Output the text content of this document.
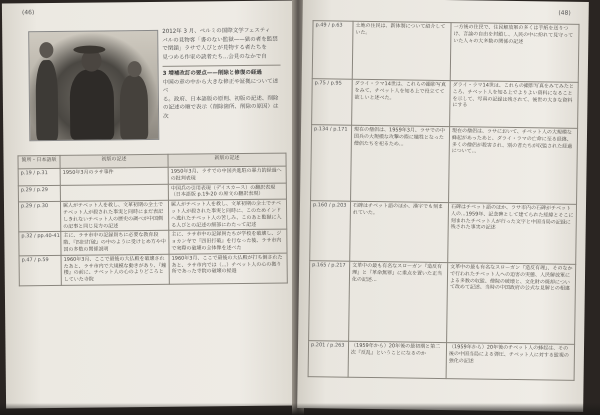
(46)
2012年 3 月、ペルミの国際文学フェスティ
バルの見物客「書のない監獄——獄の者を監禁
で閉鎖」ラサで人びとが見物する者たちを
見つめる作家の読者たち...会見のなかで自
3 増補改訂の要点——削除と修復の経過
中国の章の中から大きな修正や証拠について述べ
る。政府、日本語版の原則、初版の記述、削除
の記述の順で表示（削除箇所、削除の原因）は次
箇所・日本語版	初版の記述	新版の記述
p.19 / p.31	1950年3月のラサ事件	1950年3月、ラサでの中国兵進駐の暴力的経過への批判表現
p.29 / p.29		中国兵の引用表現（デイスカース）の翻訳表現（日本語版 p.19-20 の原文の翻訳表現）
p.29 / p.30	属人がチベット人を救し、文革初期の全土でチベット人が殺された事実と同時にまだ表記しきれないチベット人の歴史の調べが中国側の記事と同じ見方の記述	属人がチベット人を救し、文革初期の全土でチベット人が殺された事実と同時に、このためインドへ逃れたチベット人の苦しみ、このあと監獄に入る人びとの記述の細部にわたって記述
p.32 / pp.40-41	主に、ラサ市中の記録員ちに必要な教育段階、『四旧打破』の中のように受けとめ方や中国の多数の関係説明	主に、ラサ市中の記録員たちが学校を破壊し、ジョカン寺で『四旧打破』を行なった後、ラサ市内で実際の破壊の全体像を述べた
p.47 / p.59	1960年3月、ここで最後の大仏殿を破壊されたあと、ラサ市内で大規模な動きがあり、『鐘楼』の前に、チベット人の心のよりどころとしていた寺院	1960年3月、ここで最後の大仏殿が打ち倒されたあと、ラサ市内では（...）チベット人の心の拠り所であった寺院の破壊の経過
(48)
p.49 / p.63	土地の住民は、新体制について紹介していた。	一方後の住民で、住民解放軍の多くは手紙を送りつけ、言論の自由を封鎖し、人民の中に紛れて見守っていた人々の大多数の関係の記述
p.75 / p.95	ダライ・ラマ14世は、これらの撮影写真をみて、チベット人を知る上で役立てて欲しいと述べた。	ダライ・ラマ14世は、これらの撮影写真をみてみたところ、チベット人を知る上でよりよい資料になることを示して、写真の記録は残されて、後世の大きな資料にする
p.134 / p.171	現在の僧侶は、1959年3月、ラサでの中国兵の大規模な攻撃の際に犠牲となった僧侶たちを祀るため...	現在の僧侶は、ラサにおいて、チベット人の大規模な蜂起があったあと、ダライ・ラマの亡命に至る経緯、多くの僧侶が殺害され、別の者たちが収監された経過について...
p.160 / p.203	石碑はチベット語のほか、漢字でも刻まれていた。	石碑はチベット語のほか、ラサ市内の石碑がチベット人の...1959年、記念碑として建てられた経緯とそこに刻まれたチベット人が行った文字と中国当局の記録に残された事実の記述
p.165 / p.217	文革中の最も有名なスローガン『造反有理』と『革命無罪』に重点を置いた正当化の記述...	文革中の最も有名なスローガン『造反有理』、そのなかで行われたチベット人への迫害の実態、人民解放軍による多数の収監、僧院の破壊と、文化財の焼却について改めて記述、当時の中国政府の公式な見解との相違
p.201 / p.263	（1959年から）20年後の最初期と第二次『反乱』ということになるのか	（1959年から）20年後のチベット人の蜂起は、その後の中国当局による弾圧、チベット人に対する監視の強化の記述
